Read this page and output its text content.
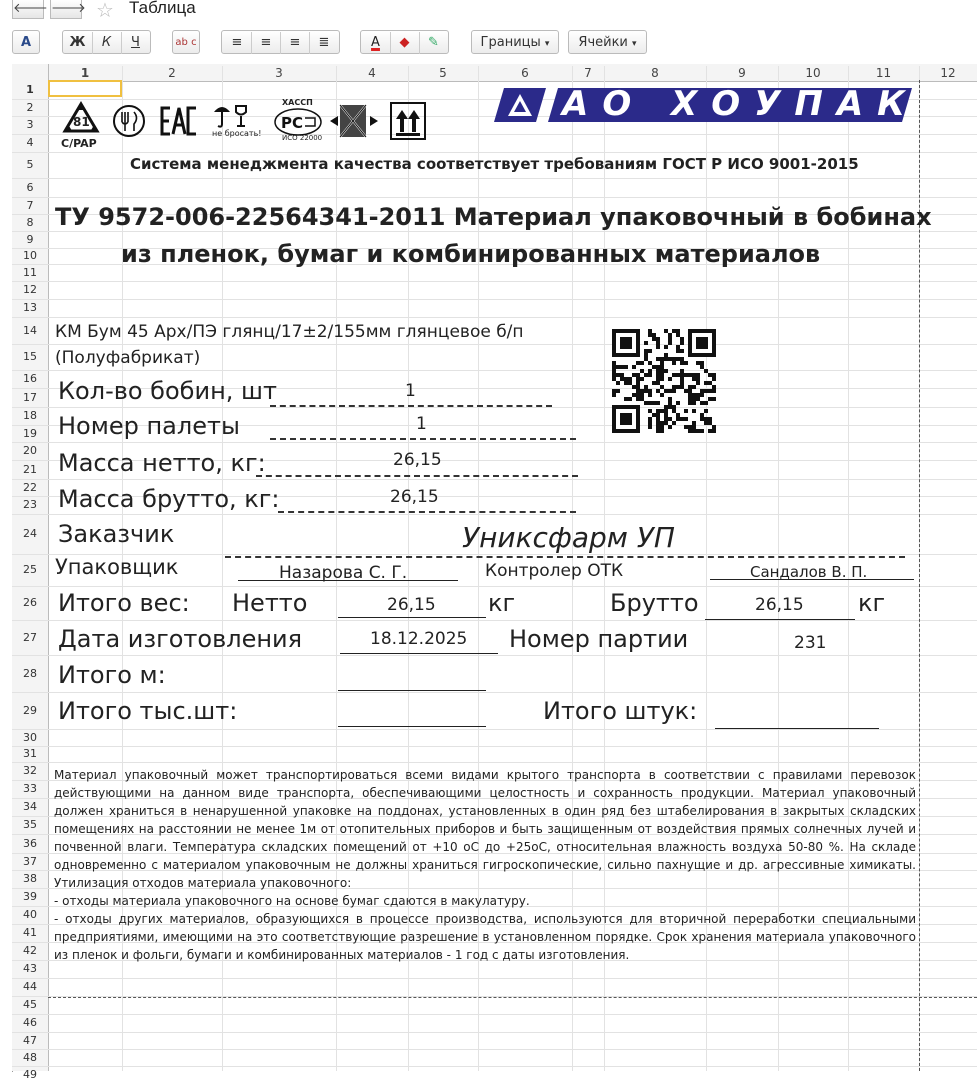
🡐 🡒 ☆ Таблица
A	Ж К Ч	ab c	≡ ≡ ≡ ≣	A ◆ ✎	Границы ▾	Ячейки ▾
1	2	3	4	5	6	7	8	9	10	11	12
1
2
3
4
5
6
7
8
9
10
11
12
13
14
15
16
17
18
19
20
21
22
23
24
25
26
27
28
29
30
31
32
33
34
35
36
37
38
39
40
41
42
43
44
45
46
47
48
49
81
C/PAP
не бросать!
ХАССП
PC
ИСО 22000
АО ХОУПАК
Система менеджмента качества соответствует требованиям ГОСТ Р ИСО 9001-2015
ТУ 9572-006-22564341-2011 Материал упаковочный в бобинах
из пленок, бумаг и комбинированных материалов
КМ Бум 45 Арх/ПЭ глянц/17±2/155мм глянцевое б/п
(Полуфабрикат)
Кол-во бобин, шт	1
Номер палеты	1
Масса нетто, кг:	26,15
Масса брутто, кг:	26,15
Заказчик	Униксфарм УП
Упаковщик	Назарова С. Г.	Контролер ОТК	Сандалов В. П.
Итого вес: Нетто	26,15 кг	Брутто	26,15 кг
Дата изготовления	18.12.2025 Номер партии	231
Итого м:
Итого тыс.шт:	Итого штук:
Материал упаковочный может транспортироваться всеми видами крытого транспорта в соответствии с правилами перевозок
действующими на данном виде транспорта, обеспечивающими целостность и сохранность продукции. Материал упаковочный
должен храниться в ненарушенной упаковке на поддонах, установленных в один ряд без штабелирования в закрытых складских
помещениях на расстоянии не менее 1м от отопительных приборов и быть защищенным от воздействия прямых солнечных лучей и
почвенной влаги. Температура складских помещений от +10 оС до +25оС, относительная влажность воздуха 50-80 %. На складе
одновременно с материалом упаковочным не должны храниться гигроскопические, сильно пахнущие и др. агрессивные химикаты.
Утилизация отходов материала упаковочного:
- отходы материала упаковочного на основе бумаг сдаются в макулатуру.
- отходы других материалов, образующихся в процессе производства, используются для вторичной переработки специальными
предприятиями, имеющими на это соответствующие разрешение в установленном порядке. Срок хранения материала упаковочного
из пленок и фольги, бумаги и комбинированных материалов - 1 год с даты изготовления.
